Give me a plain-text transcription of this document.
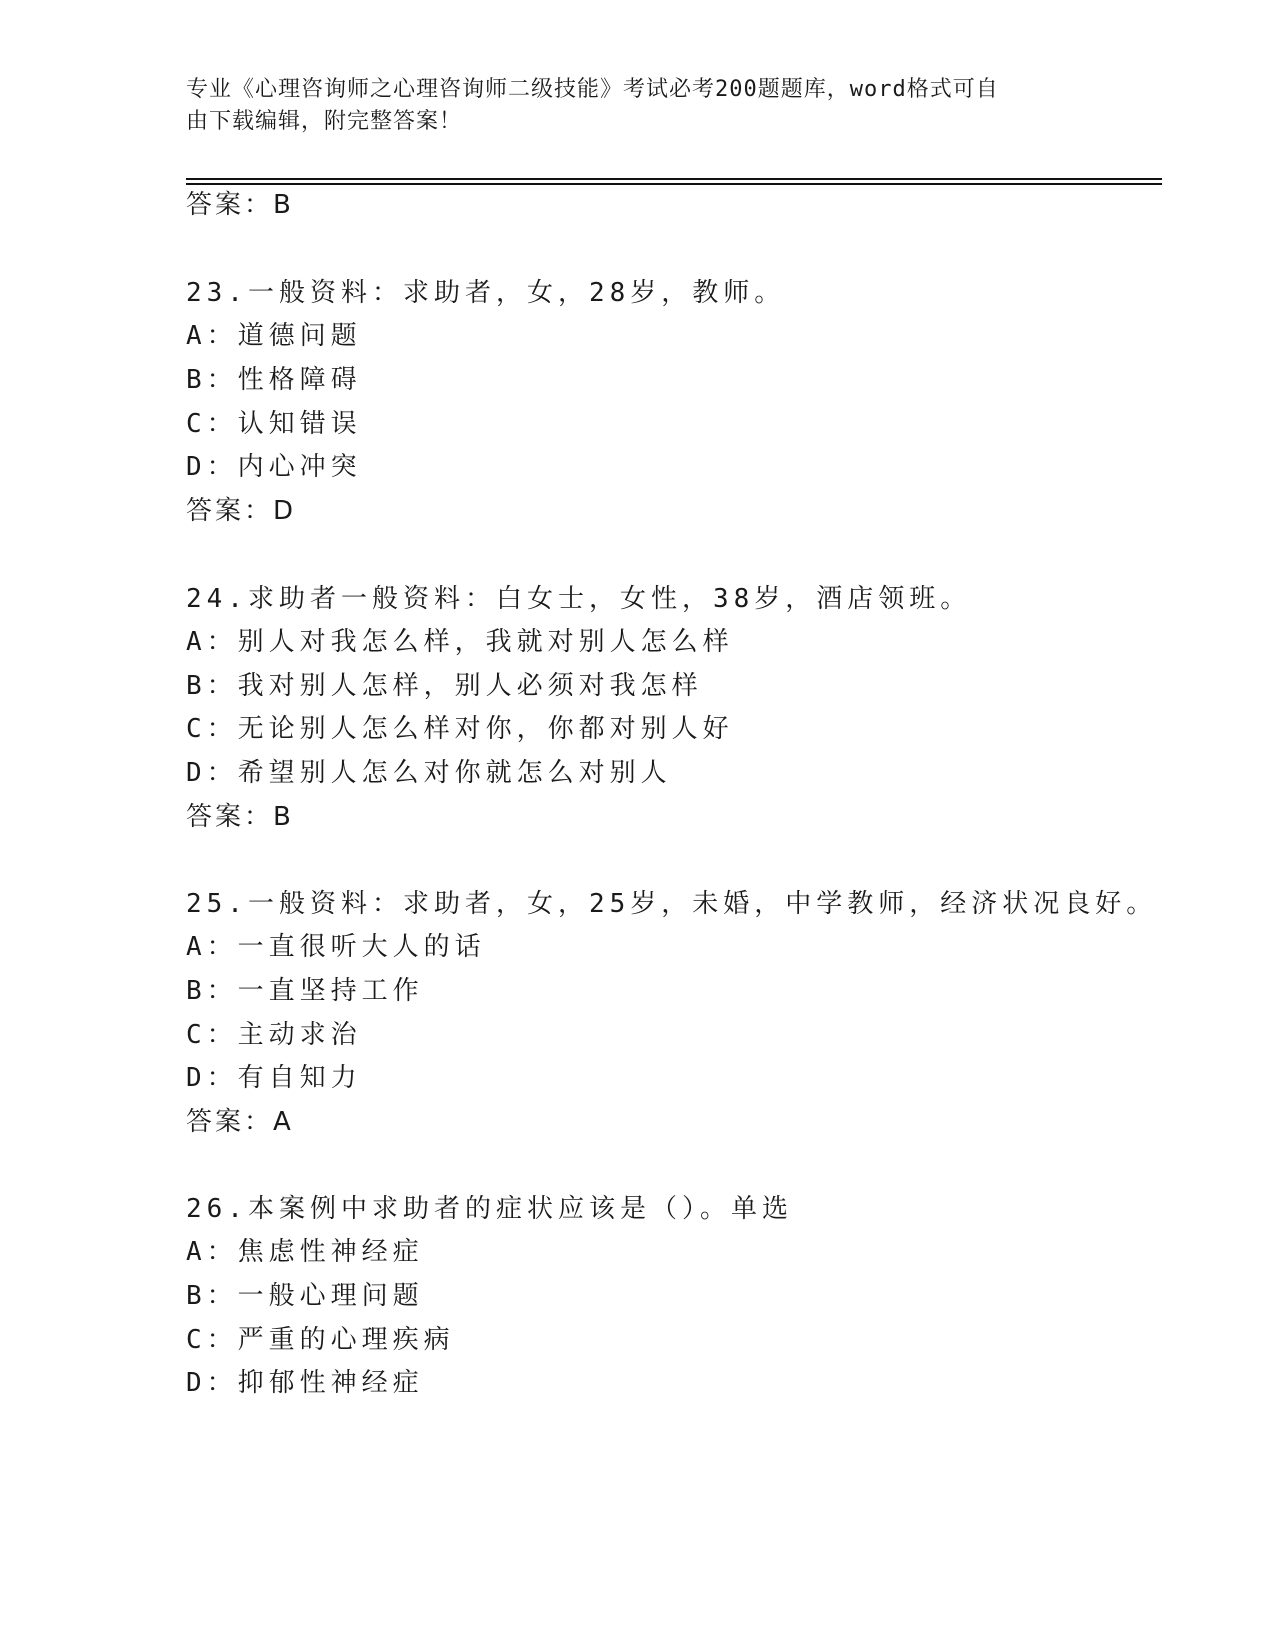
专业《心理咨询师之心理咨询师二级技能》考试必考200题题库，word格式可自
由下载编辑，附完整答案！
答案：B
23.一般资料：求助者，女，28岁，教师。
A：道德问题
B：性格障碍
C：认知错误
D：内心冲突
答案：D
24.求助者一般资料：白女士，女性，38岁，酒店领班。
A：别人对我怎么样，我就对别人怎么样
B：我对别人怎样，别人必须对我怎样
C：无论别人怎么样对你，你都对别人好
D：希望别人怎么对你就怎么对别人
答案：B
25.一般资料：求助者，女，25岁，未婚，中学教师，经济状况良好。
A：一直很听大人的话
B：一直坚持工作
C：主动求治
D：有自知力
答案：A
26.本案例中求助者的症状应该是（）。单选
A：焦虑性神经症
B：一般心理问题
C：严重的心理疾病
D：抑郁性神经症
